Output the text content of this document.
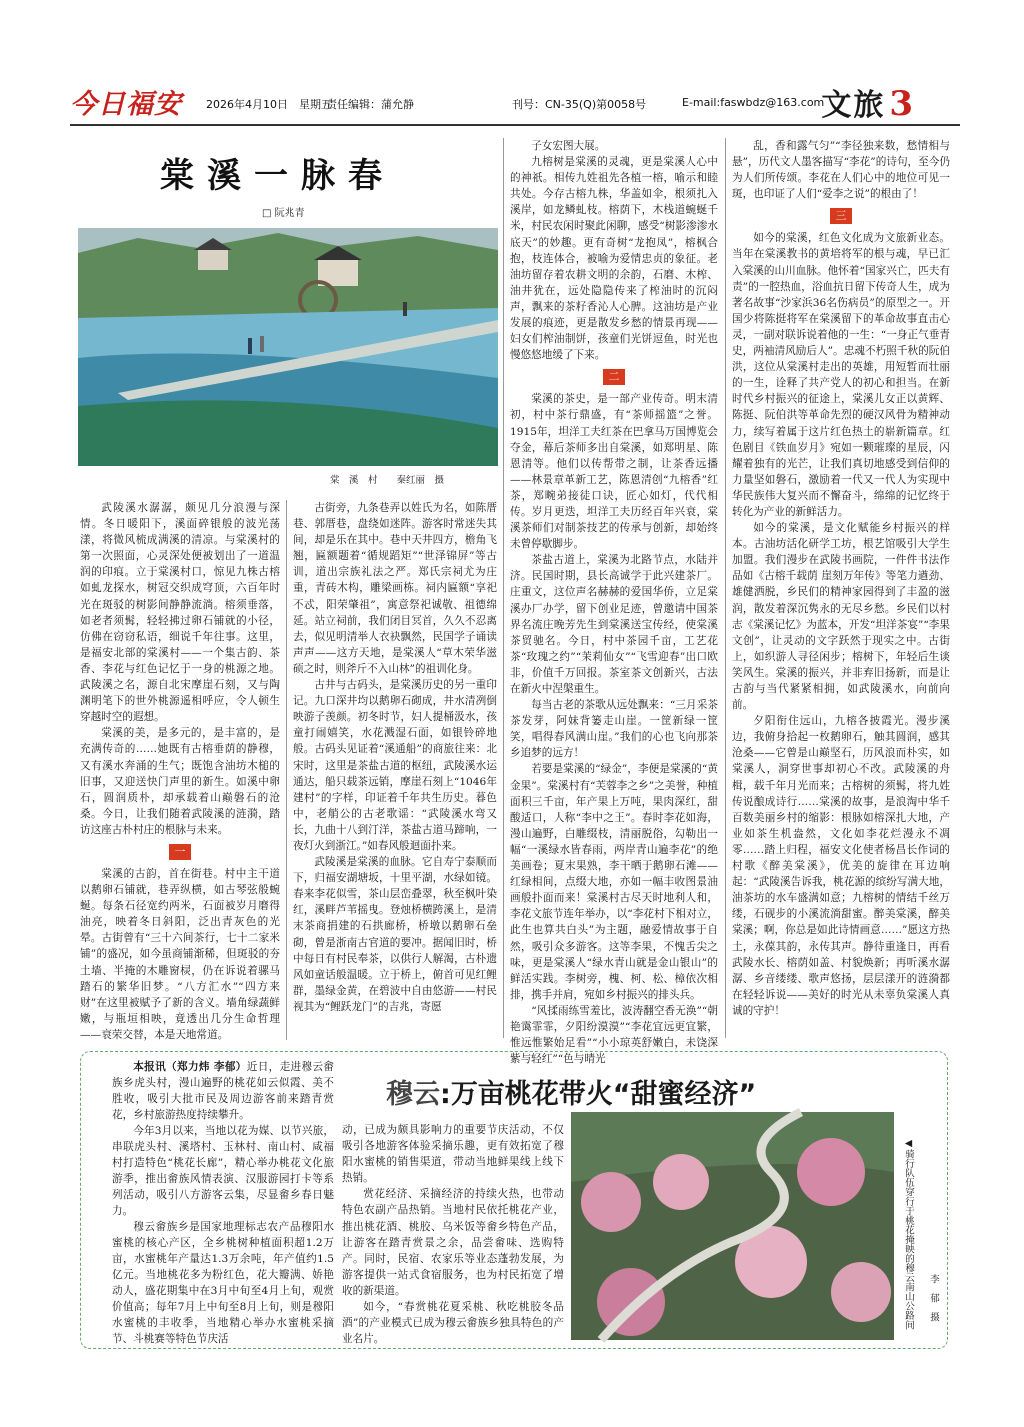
今日福安 2026年4月10日　星期五
责任编辑：蒲允静	刊号：CN-35(Q)第0058号	E-mail:faswbdz@163.com
文旅 3
棠溪一脉春
□ 阮兆青
棠　溪　村　　秦红丽　摄

武陵溪水潺潺，颇见几分浪漫与深情。冬日暖阳下，溪面碎银般的波光荡漾，将微风梳成满溪的清凉。与棠溪村的第一次照面，心灵深处便被划出了一道温润的印痕。立于棠溪村口，惊见九株古榕如虬龙探水，树冠交织成穹顶，六百年时光在斑驳的树影间静静流淌。榕须垂落，如老者须髯，轻轻拂过卵石铺就的小径，仿佛在窃窃私语，细说千年往事。这里，是福安北部的棠溪村——一个集古韵、茶香、李花与红色记忆于一身的桃源之地。武陵溪之名，源自北宋摩崖石刻，又与陶渊明笔下的世外桃源遥相呼应，令人顿生穿越时空的遐想。

棠溪的美，是多元的，是丰富的，是充满传奇的……她既有古榕垂荫的静穆，又有溪水奔涌的生气；既饱含油坊木槌的旧事，又迎送快门声里的新生。如溪中卵石，圆润质朴，却承载着山巅磐石的沧桑。今日，让我们随着武陵溪的涟漪，踏访这座古朴村庄的根脉与未来。

一

棠溪的古韵，首在街巷。村中主干道以鹅卵石铺就，巷弄纵横，如古琴弦般蜿蜒。每条石径宽约两米，石面被岁月磨得油亮，映着冬日斜阳，泛出青灰色的光晕。古街曾有“三十六间茶行，七十二家米铺”的盛况，如今虽商铺渐稀，但斑驳的夯土墙、半掩的木雕窗棂，仍在诉说着骡马踏石的繁华旧梦。“八方汇水”“四方来财”在这里被赋予了新的含义。墙角绿蔬鲜嫩，与瓶垣相映，竟透出几分生命哲理——衰荣交替，本是天地常道。

古街旁，九条巷弄以姓氏为名，如陈厝巷、郭厝巷，盘绕如迷阵。游客时常迷失其间，却是乐在其中。巷中天井四方，檐角飞翘，匾额题着“循规蹈矩”“世泽锦屏”等古训，道出宗族礼法之严。郑氏宗祠尤为庄重，青砖木构，雕梁画栋。祠内匾额“享祀不忒，阳荣肇祖”，寓意祭祀诚敬、祖德绵延。站立祠前，我们闭目冥首，久久不忍离去，似见明清举人衣袂飘然，民国学子诵读声声——这方天地，是棠溪人“草木荣华滋硕之时，则斧斤不入山林”的祖训化身。

古井与古码头，是棠溪历史的另一重印记。九口深井均以鹅卵石砌成，井水清冽倒映游子羡颜。初冬时节，妇人提桶汲水，孩童打闹嬉笑，水花溅湿石面，如银铃碎地般。古码头见证着“溪通船”的商旅往来：北宋时，这里是茶盐古道的枢纽，武陵溪水运通达，船只载茶远销，摩崖石刻上“1046年建村”的字样，印证着千年共生历史。暮色中，老艄公的古老歌谣：“武陵溪水弯又长，九曲十八到汀洋，茶盐古道马蹄响，一夜灯火到浙江。”如春风般迴面扑来。

武陵溪是棠溪的血脉。它自寿宁泰顺而下，归福安湖塘坂，十里平湖，水绿如镜。春来李花似雪，茶山层峦叠翠，秋至枫叶染红，溪畔芦苇摇曳。登烛桥横跨溪上，是清末茶商捐建的石拱廊桥，桥墩以鹅卵石垒砌，曾是浙南古官道的要冲。据闻旧时，桥中每日有村民奉茶，以供行人解渴，古朴遗风如童话般温暖。立于桥上，俯首可见红鲤群，墨绿金黄，在碧波中自由悠游——村民视其为“鲤跃龙门”的吉兆，寄愿

子女宏图大展。

九榕树是棠溪的灵魂，更是棠溪人心中的神祇。相传九姓祖先各植一榕，喻示和睦共处。今存古榕九株，华盖如伞，根须扎入溪岸，如龙鳞虬枝。榕荫下，木栈道蜿蜒千米，村民农闲时聚此闲聊，感受“树影渗渗水底天”的妙趣。更有奇树“龙抱凤”，榕枫合抱，枝连体合，被喻为爱情忠贞的象征。老油坊留存着农耕文明的余韵，石磨、木榨、油井犹在，远处隐隐传来了榨油时的沉闷声，飘来的茶籽香沁人心脾。这油坊是产业发展的痕迹，更是散发乡愁的情景再现——妇女们榨油制饼，孩童们光饼逗鱼，时光也慢悠悠地缓了下来。

二

棠溪的茶史，是一部产业传奇。明末清初，村中茶行鼎盛，有“茶师摇篮”之誉。1915年，坦洋工夫红茶在巴拿马万国博览会夺金，幕后茶师多出自棠溪，如郑明星、陈恩清等。他们以传帮带之制，让茶香远播——林景章革新工艺，陈恩清创“九榕香”红茶，郑畹弟接徒口诀，匠心如灯，代代相传。岁月更迭，坦洋工夫历经百年兴衰，棠溪茶师们对制茶技艺的传承与创新，却始终未曾停歇脚步。

茶盐古道上，棠溪为北路节点，水陆并济。民国时期，县长高诚学于此兴建茶厂。庄重文，这位声名赫赫的爱国华侨，立足棠溪办厂办学，留下创业足迹，曾邀请中国茶界名流庄晚芳先生到棠溪送宝传经，使棠溪茶贸驰名。今日，村中茶园千亩，工艺花茶“玫瑰之约”“茉莉仙女”“飞雪迎春”出口欧非，价值千万回报。茶室茶文创新兴，古法在新火中涅槃重生。

每当古老的茶歌从远处飘来：“三月采茶茶发芽，阿妹背篓走山崖。一筐新绿一筐笑，唱得春风满山崖。”我们的心也飞向那茶乡追梦的远方！

若要是棠溪的“绿金”，李便是棠溪的“黄金果”。棠溪村有“芙蓉李之乡”之美誉，种植面积三千亩，年产果上万吨，果肉深红，甜酸适口，人称“李中之王”。春时李花如海，漫山遍野，白雕缀枝，清丽脱俗，勾勒出一幅“一溪绿水皆春雨，两岸青山遍李花”的绝美画卷；夏末果熟，李干晒于鹅卵石滩——红绿相间，点缀大地，亦如一幅丰收图景油画般扑面而来！棠溪村古尽天时地利人和，李花文旅节连年举办，以“李花村下相对立，此生也算共白头”为主题，融爱情故事于自然，吸引众多游客。这等李果，不愧舌尖之味，更是棠溪人“绿水青山就是金山银山”的鲜活实践。李树旁，槐、柯、松、樟依次相排，携手并肩，宛如乡村振兴的排头兵。

“风揉雨练雪羞比，波涛翻空香无涣”“朝艳霭霏霏，夕阳纷漠漠”“李花宜远更宜繁，惟远惟繁始足看”“小小琼英舒嫩白，未饶深紫与轻红”“色与晴光

乱，香和露气匀”“李径独来数，愁情相与悬”，历代文人墨客描写“李花”的诗句，至今仍为人们所传颂。李花在人们心中的地位可见一斑，也印证了人们“爱李之说”的根由了！

三

如今的棠溪，红色文化成为文旅新业态。当年在棠溪教书的黄培将军的根与魂，早已汇入棠溪的山川血脉。他怀着“国家兴亡，匹夫有责”的一腔热血，浴血抗日留下传奇人生，成为著名故事“沙家浜36名伤病员”的原型之一。开国少将陈挺将军在棠溪留下的革命故事直击心灵，一副对联诉说着他的一生：“一身正气垂青史，两袖清风励后人”。忠魂不朽照千秋的阮伯洪，这位从棠溪村走出的英雄，用短暂而壮丽的一生，诠释了共产党人的初心和担当。在新时代乡村振兴的征途上，棠溪儿女正以黄辉、陈挺、阮伯洪等革命先烈的硬汉风骨为精神动力，续写着属于这片红色热土的崭新篇章。红色剧目《铁血岁月》宛如一颗璀璨的星辰，闪耀着独有的光芒，让我们真切地感受到信仰的力量坚如磐石，激励着一代又一代人为实现中华民族伟大复兴而不懈奋斗，绵绵的记忆终于转化为产业的新鲜活力。

如今的棠溪，是文化赋能乡村振兴的样本。古油坊活化研学工坊，根艺馆吸引大学生加盟。我们漫步在武陵书画院，一件件书法作品如《古榕千载荫 崖刻万年传》等笔力遒劲、雄健洒脱，乡民们的精神家园得到了丰盈的滋润，散发着深沉隽永的无尽乡愁。乡民们以村志《棠溪记忆》为蓝本，开发“坦洋茶宴”“李果文创”，让灵动的文字跃然于现实之中。古街上，如织游人寻径闲步；榕树下，年轻后生谈笑风生。棠溪的振兴，并非弃旧扬新，而是让古韵与当代紧紧相拥，如武陵溪水，向前向前。

夕阳衔住远山，九榕各披霞光。漫步溪边，我俯身拾起一枚鹅卵石，触其圆润，感其沧桑——它曾是山巅坚石，历风浪而朴实，如棠溪人，洞穿世事却初心不改。武陵溪的舟楫，载千年月光而来；古榕树的须髯，将九姓传说酿成诗行……棠溪的故事，是浪淘中华千百数美丽乡村的缩影：根脉如榕深扎大地，产业如茶生机盎然，文化如李花烂漫永不凋零……踏上归程，福安文化使者杨昌长作词的村歌《醉美棠溪》，优美的旋律在耳边响起：“武陵溪告诉我，桃花源的缤纷写满大地，油茶坊的水车盛满如意；九榕树的情结千丝万缕，石砚步的小溪流淌甜蜜。醉美棠溪，醉美棠溪；啊，你总是如此诗情画意……”愿这方热土，永葆其韵，永传其声。静待重逢日，再看武陵水长、榕荫如盖、村貌焕新；再听溪水潺潺、乡音缕缕、歌声悠扬，层层漾开的涟漪都在轻轻诉说——美好的时光从未辜负棠溪人真诚的守护！

本报讯（郑力炜 李郁）近日，走进穆云畲族乡虎头村，漫山遍野的桃花如云似霞、美不胜收，吸引大批市民及周边游客前来踏青赏花，乡村旅游热度持续攀升。
今年3月以来，当地以花为媒、以节兴旅，串联虎头村、溪塔村、玉林村、南山村、咸福村打造特色“桃花长廊”，精心举办桃花文化旅游季，推出畲族风情表演、汉服游园打卡等系列活动，吸引八方游客云集，尽显畲乡春日魅力。
穆云畲族乡是国家地理标志农产品穆阳水蜜桃的核心产区，全乡桃树种植面积超1.2万亩，水蜜桃年产量达1.3万余吨，年产值约1.5亿元。当地桃花多为粉红色，花大瓣满、娇艳动人，盛花期集中在3月中旬至4月上旬，观赏价值高；每年7月上中旬至8月上旬，则是穆阳水蜜桃的丰收季，当地精心举办水蜜桃采摘节、斗桃赛等特色节庆活
穆云:万亩桃花带火“甜蜜经济”

动，已成为颇具影响力的重要节庆活动，不仅吸引各地游客体验采摘乐趣，更有效拓宽了穆阳水蜜桃的销售渠道，带动当地鲜果线上线下热销。

赏花经济、采摘经济的持续火热，也带动特色农副产品热销。当地村民依托桃花产业，推出桃花酒、桃胶、乌米饭等畲乡特色产品，让游客在踏青赏景之余，品尝畲味、选购特产。同时，民宿、农家乐等业态蓬勃发展，为游客提供一站式食宿服务，也为村民拓宽了增收的新渠道。

如今，“春赏桃花夏采桃、秋吃桃胶冬品酒”的产业模式已成为穆云畲族乡独具特色的产业名片。

◀骑行队伍穿行于桃花掩映的穆云南山公路间 李　郁　摄
